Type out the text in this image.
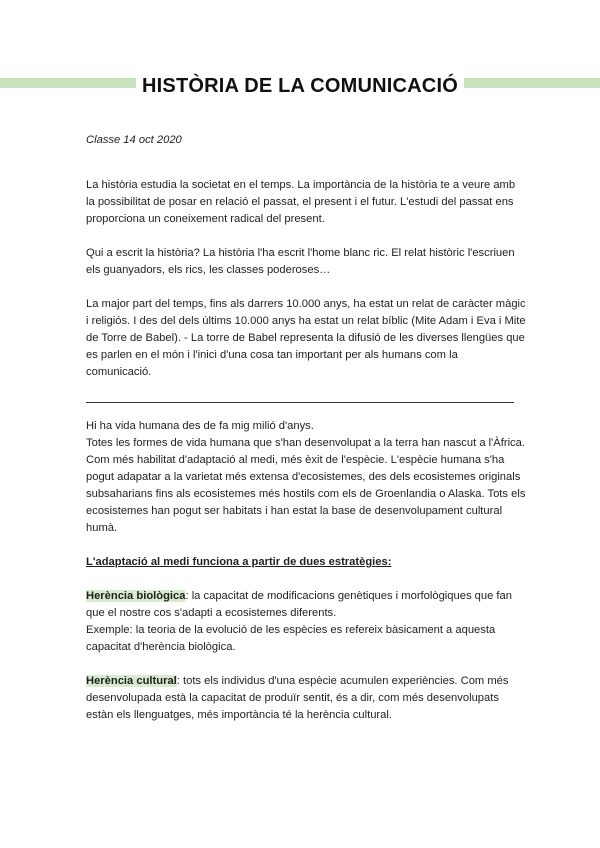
HISTÒRIA DE LA COMUNICACIÓ
Classe 14 oct 2020

La història estudia la societat en el temps. La importància de la història te a veure amb la possibilitat de posar en relació el passat, el present i el futur. L'estudi del passat ens proporciona un coneixement radical del present.

Qui a escrit la història? La història l'ha escrit l'home blanc ric. El relat històric l'escriuen els guanyadors, els rics, les classes poderoses…

La major part del temps, fins als darrers 10.000 anys, ha estat un relat de caràcter màgic i religiós. I des del dels últims 10.000 anys ha estat un relat bíblic (Mite Adam i Eva i Mite de Torre de Babel). - La torre de Babel representa la difusió de les diverses llengües que es parlen en el món i l'inici d'una cosa tan important per als humans com la comunicació.

Hi ha vida humana des de fa mig milió d'anys.
Totes les formes de vida humana que s'han desenvolupat a la terra han nascut a l'Àfrica.
Com més habilitat d'adaptació al medi, més èxit de l'espècie. L'espècie humana s'ha pogut adapatar a la varietat més extensa d'ecosistemes, des dels ecosistemes originals subsaharians fins als ecosistemes més hostils com els de Groenlandia o Alaska. Tots els ecosistemes han pogut ser habitats i han estat la base de desenvolupament cultural humà.

L'adaptació al medi funciona a partir de dues estratègies:

Herència biològica: la capacitat de modificacions genètiques i morfològiques que fan que el nostre cos s'adapti a ecosistemes diferents.
Exemple: la teoria de la evolució de les espècies es refereix bàsicament a aquesta capacitat d'herència biològica.

Herència cultural: tots els individus d'una espècie acumulen experiències. Com més desenvolupada està la capacitat de produïr sentit, és a dir, com més desenvolupats estàn els llenguatges, més importància té la herència cultural.
